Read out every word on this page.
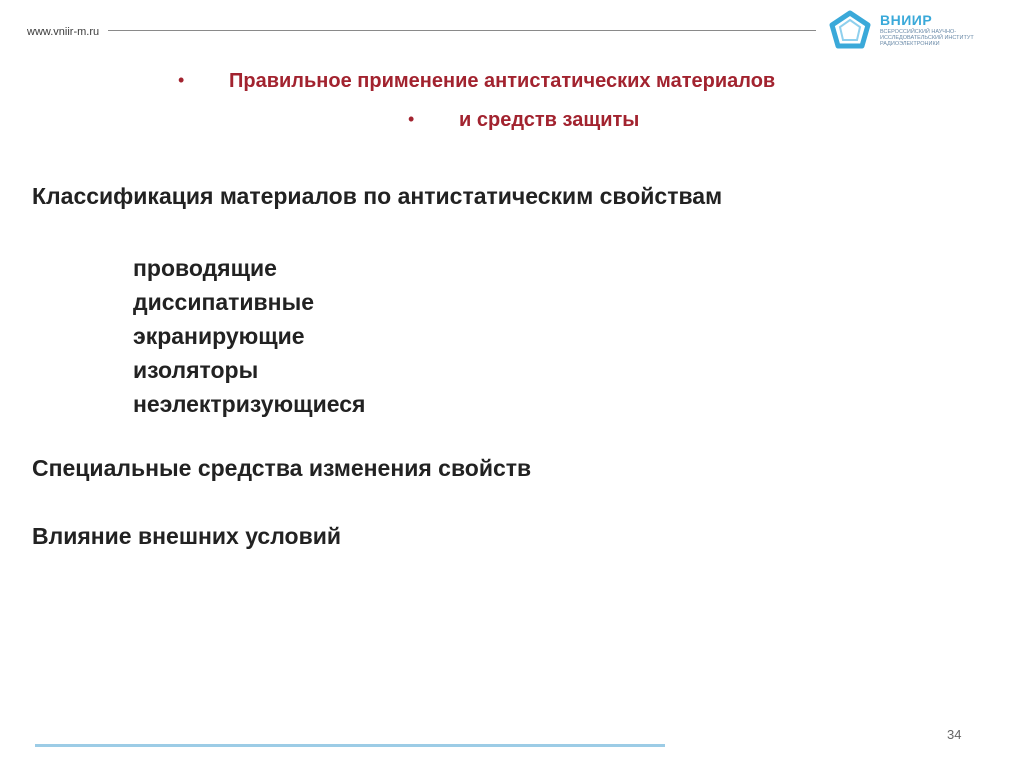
www.vniir-m.ru
ВНИИР
ВСЕРОССИЙСКИЙ НАУЧНО-ИССЛЕДОВАТЕЛЬСКИЙ ИНСТИТУТ РАДИОЭЛЕКТРОНИКИ
• Правильное применение антистатических материалов
• и средств защиты
Классификация материалов по антистатическим свойствам
проводящие
диссипативные
экранирующие
изоляторы
неэлектризующиеся
Специальные средства изменения свойств
Влияние внешних условий
34
